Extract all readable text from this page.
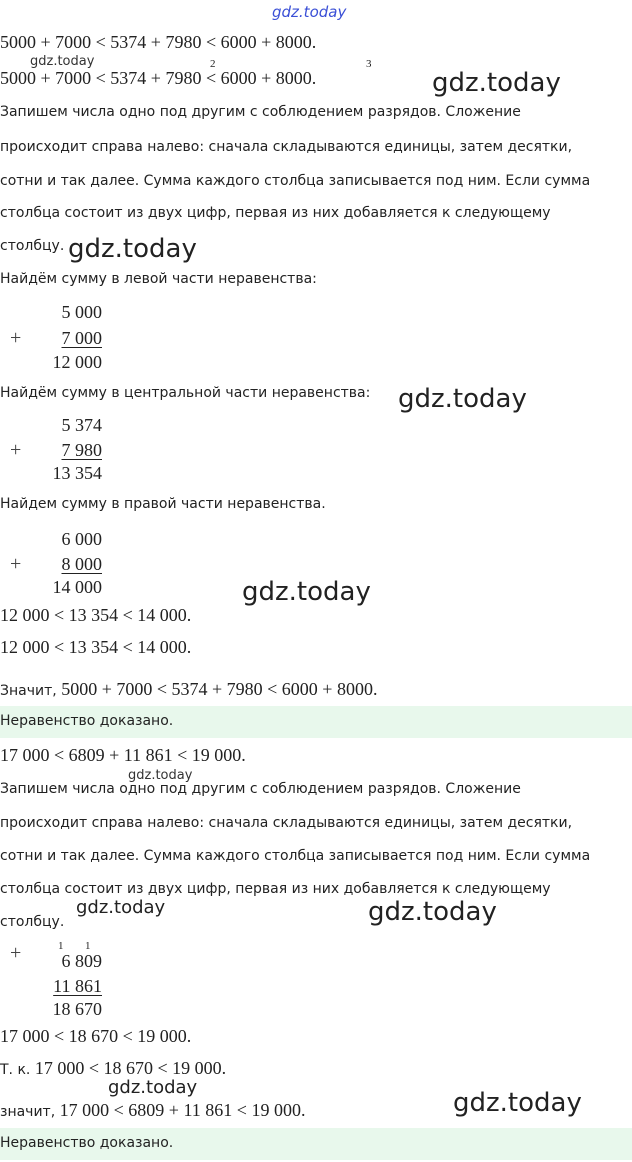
gdz.today
5000 + 7000 < 5374 + 7980 < 6000 + 8000.
2	3
5000 + 7000 < 5374 + 7980 < 6000 + 8000.
gdz.today
gdz.today
Запишем числа одно под другим с соблюдением разрядов. Сложение
происходит справа налево: сначала складываются единицы, затем десятки,
сотни и так далее. Сумма каждого столбца записывается под ним. Если сумма
столбца состоит из двух цифр, первая из них добавляется к следующему
столбцу. gdz.today
Найдём сумму в левой части неравенства:
5 000
+	7 000
12 000
Найдём сумму в центральной части неравенства: gdz.today
5 374
+	7 980
13 354
Найдем сумму в правой части неравенства.
6 000
+	8 000
14 000	gdz.today
12 000 < 13 354 < 14 000.
12 000 < 13 354 < 14 000.
Значит, 5000 + 7000 < 5374 + 7980 < 6000 + 8000.
Неравенство доказано.
17 000 < 6809 + 11 861 < 19 000.
gdz.today
Запишем числа одно под другим с соблюдением разрядов. Сложение
происходит справа налево: сначала складываются единицы, затем десятки,
сотни и так далее. Сумма каждого столбца записывается под ним. Если сумма
столбца состоит из двух цифр, первая из них добавляется к следующему
столбцу.
gdz.today	gdz.today
1 1
6 809
+
11 861
18 670
17 000 < 18 670 < 19 000.
Т. к. 17 000 < 18 670 < 19 000.
gdz.today
значит, 17 000 < 6809 + 11 861 < 19 000.	gdz.today
Неравенство доказано.
